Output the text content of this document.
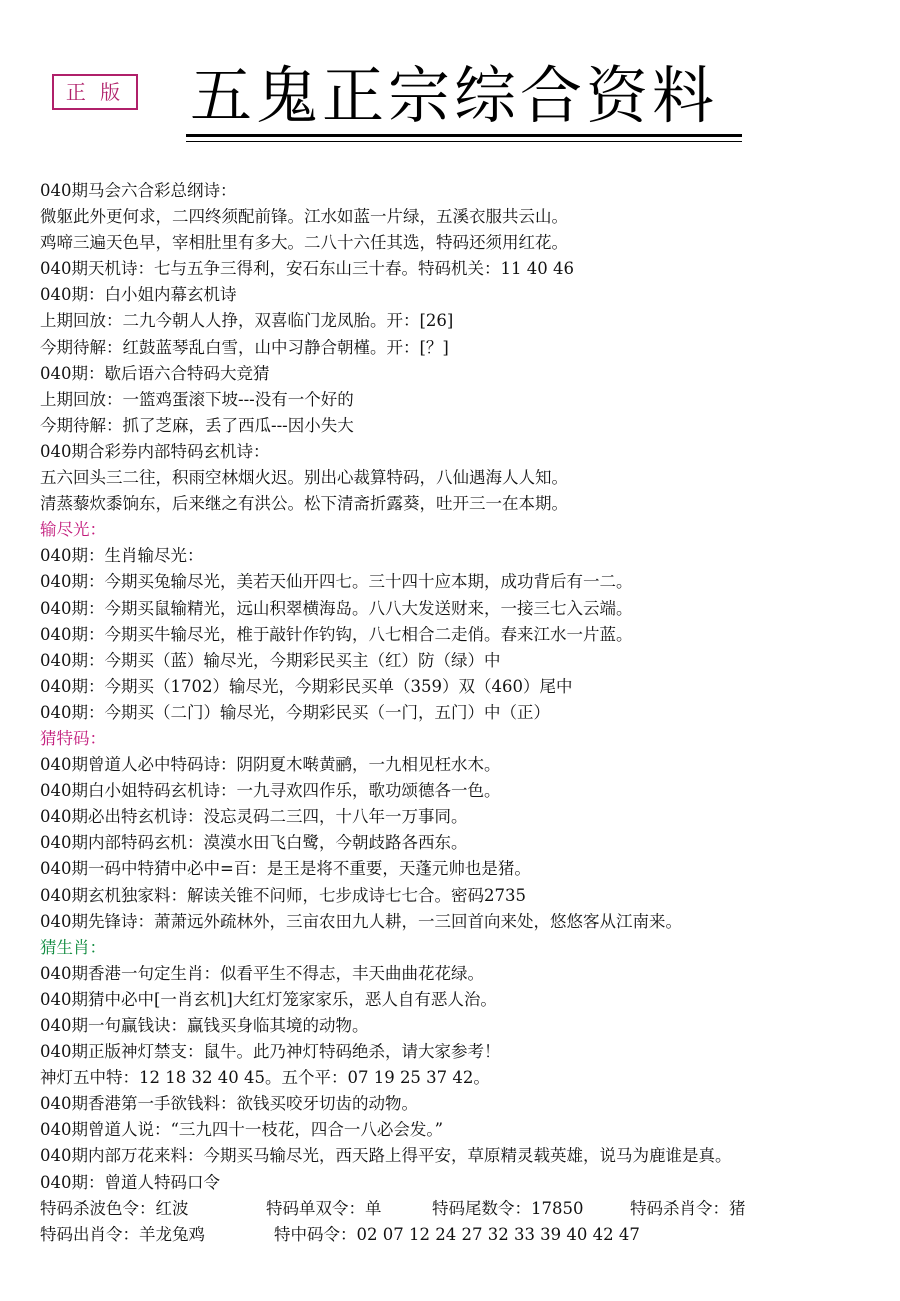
正 版 五鬼正宗综合资料
040期马会六合彩总纲诗：
微躯此外更何求，二四终须配前锋。江水如蓝一片绿，五溪衣服共云山。
鸡啼三遍天色早，宰相肚里有多大。二八十六任其选，特码还须用红花。
040期天机诗：七与五争三得利，安石东山三十春。特码机关：11 40 46
040期：白小姐内幕玄机诗
上期回放：二九今朝人人挣，双喜临门龙凤胎。开：[26]
今期待解：红鼓蓝琴乱白雪，山中习静合朝槿。开：[？]
040期：歇后语六合特码大竞猜
上期回放：一篮鸡蛋滚下坡---没有一个好的
今期待解：抓了芝麻，丢了西瓜---因小失大
040期合彩券内部特码玄机诗：
五六回头三二往，积雨空林烟火迟。别出心裁算特码，八仙遇海人人知。
清蒸藜炊黍饷东，后来继之有洪公。松下清斋折露葵，吐开三一在本期。
输尽光：
040期：生肖输尽光：
040期：今期买兔输尽光，美若天仙开四七。三十四十应本期，成功背后有一二。
040期：今期买鼠输精光，远山积翠横海岛。八八大发送财来，一接三七入云端。
040期：今期买牛输尽光，椎于敲针作钓钩，八七相合二走俏。春来江水一片蓝。
040期：今期买（蓝）输尽光，今期彩民买主（红）防（绿）中
040期：今期买（1702）输尽光，今期彩民买单（359）双（460）尾中
040期：今期买（二门）输尽光，今期彩民买（一门，五门）中（正）
猜特码：
040期曾道人必中特码诗：阴阴夏木啭黄鹂，一九相见枉水木。
040期白小姐特码玄机诗：一九寻欢四作乐，歌功颂德各一色。
040期必出特玄机诗：没忘灵码二三四，十八年一万事同。
040期内部特码玄机：漠漠水田飞白鹭，今朝歧路各西东。
040期一码中特猜中必中=百：是王是将不重要，天蓬元帅也是猪。
040期玄机独家料：解读关锥不问师，七步成诗七七合。密码2735
040期先锋诗：萧萧远外疏林外，三亩农田九人耕，一三回首向来处，悠悠客从江南来。
猜生肖：
040期香港一句定生肖：似看平生不得志，丰天曲曲花花绿。
040期猜中必中[一肖玄机]大红灯笼家家乐，恶人自有恶人治。
040期一句赢钱诀：赢钱买身临其境的动物。
040期正版神灯禁支：鼠牛。此乃神灯特码绝杀，请大家参考！
神灯五中特：12 18 32 40 45。五个平：07 19 25 37 42。
040期香港第一手欲钱料：欲钱买咬牙切齿的动物。
040期曾道人说：“三九四十一枝花，四合一八必会发。”
040期内部万花来料：今期买马输尽光，西天路上得平安，草原精灵载英雄，说马为鹿谁是真。
040期：曾道人特码口令
特码杀波色令：红波	特码单双令：单	特码尾数令：17850	特码杀肖令：猪
特码出肖令：羊龙兔鸡	特中码令：02 07 12 24 27 32 33 39 40 42 47
